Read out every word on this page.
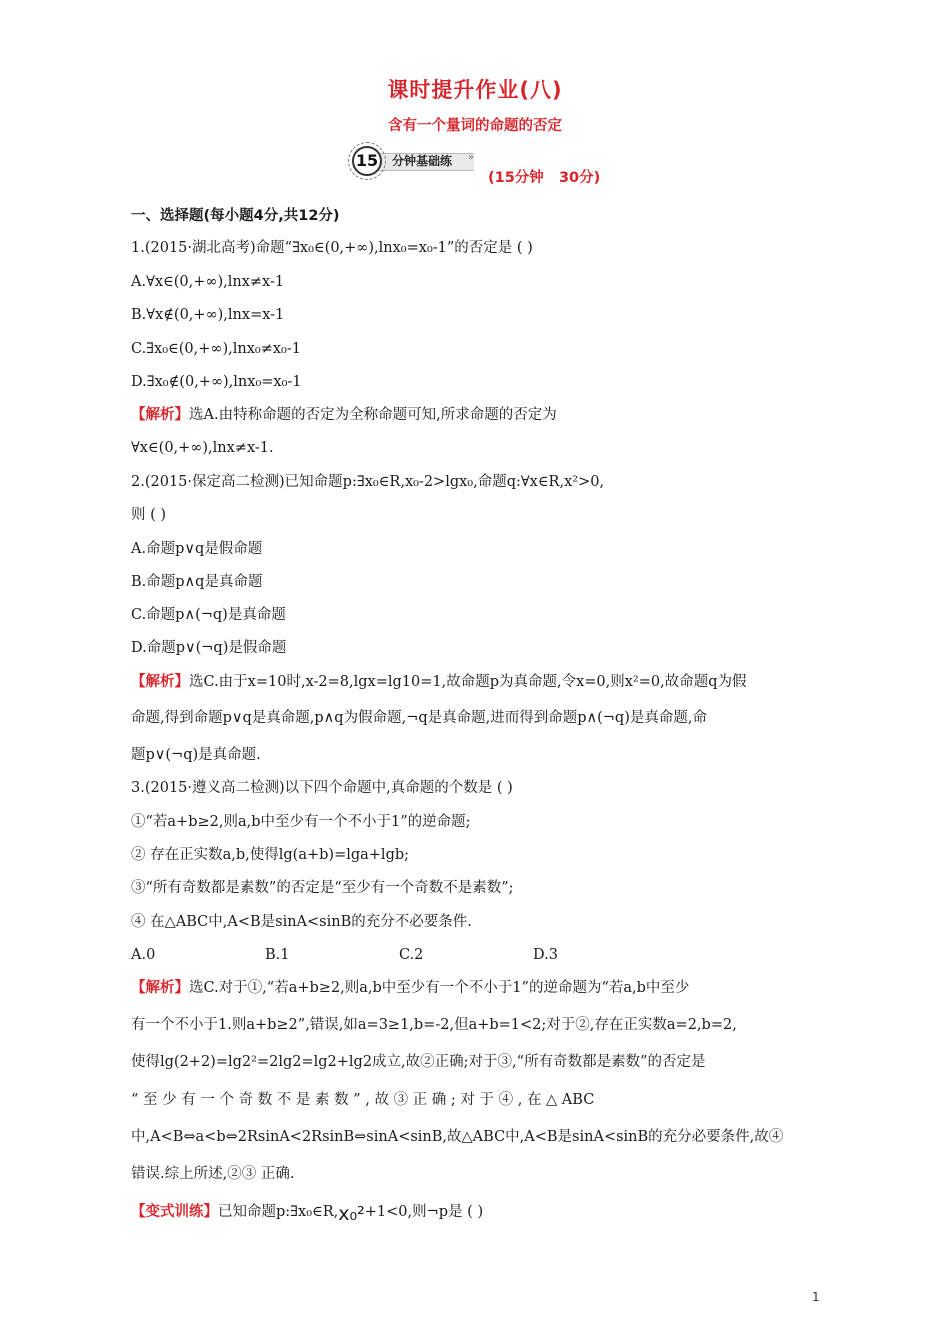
课时提升作业(八)
含有一个量词的命题的否定
15	分钟基础练 »
(15分钟   30分)
一、选择题(每小题4分,共12分)
1.(2015·湖北高考)命题“∃x₀∈(0,+∞),lnx₀=x₀-1”的否定是 ( )
A.∀x∈(0,+∞),lnx≠x-1
B.∀x∉(0,+∞),lnx=x-1
C.∃x₀∈(0,+∞),lnx₀≠x₀-1
D.∃x₀∉(0,+∞),lnx₀=x₀-1
【解析】选A.由特称命题的否定为全称命题可知,所求命题的否定为
∀x∈(0,+∞),lnx≠x-1.
2.(2015·保定高二检测)已知命题p:∃x₀∈R,x₀-2>lgx₀,命题q:∀x∈R,x²>0,
则 ( )
A.命题p∨q是假命题
B.命题p∧q是真命题
C.命题p∧(¬q)是真命题
D.命题p∨(¬q)是假命题
【解析】选C.由于x=10时,x-2=8,lgx=lg10=1,故命题p为真命题,令x=0,则x²=0,故命题q为假
命题,得到命题p∨q是真命题,p∧q为假命题,¬q是真命题,进而得到命题p∧(¬q)是真命题,命
题p∨(¬q)是真命题.
3.(2015·遵义高二检测)以下四个命题中,真命题的个数是 ( )
①“若a+b≥2,则a,b中至少有一个不小于1”的逆命题;
② 存在正实数a,b,使得lg(a+b)=lga+lgb;
③“所有奇数都是素数”的否定是“至少有一个奇数不是素数”;
④ 在△ABC中,A<B是sinA<sinB的充分不必要条件.
A.0	B.1	C.2	D.3
【解析】选C.对于①,“若a+b≥2,则a,b中至少有一个不小于1”的逆命题为“若a,b中至少
有一个不小于1.则a+b≥2”,错误,如a=3≥1,b=-2,但a+b=1<2;对于②,存在正实数a=2,b=2,
使得lg(2+2)=lg2²=2lg2=lg2+lg2成立,故②正确;对于③,“所有奇数都是素数”的否定是
“ 至 少 有 一 个 奇 数 不 是 素 数 ” , 故 ③ 正 确 ; 对 于 ④ , 在 △ ABC
中,A<B⇔a<b⇔2RsinA<2RsinB⇔sinA<sinB,故△ABC中,A<B是sinA<sinB的充分必要条件,故④
错误.综上所述,②③ 正确.
【变式训练】已知命题p:∃x₀∈R,x₀²+1<0,则¬p是 ( )
1
